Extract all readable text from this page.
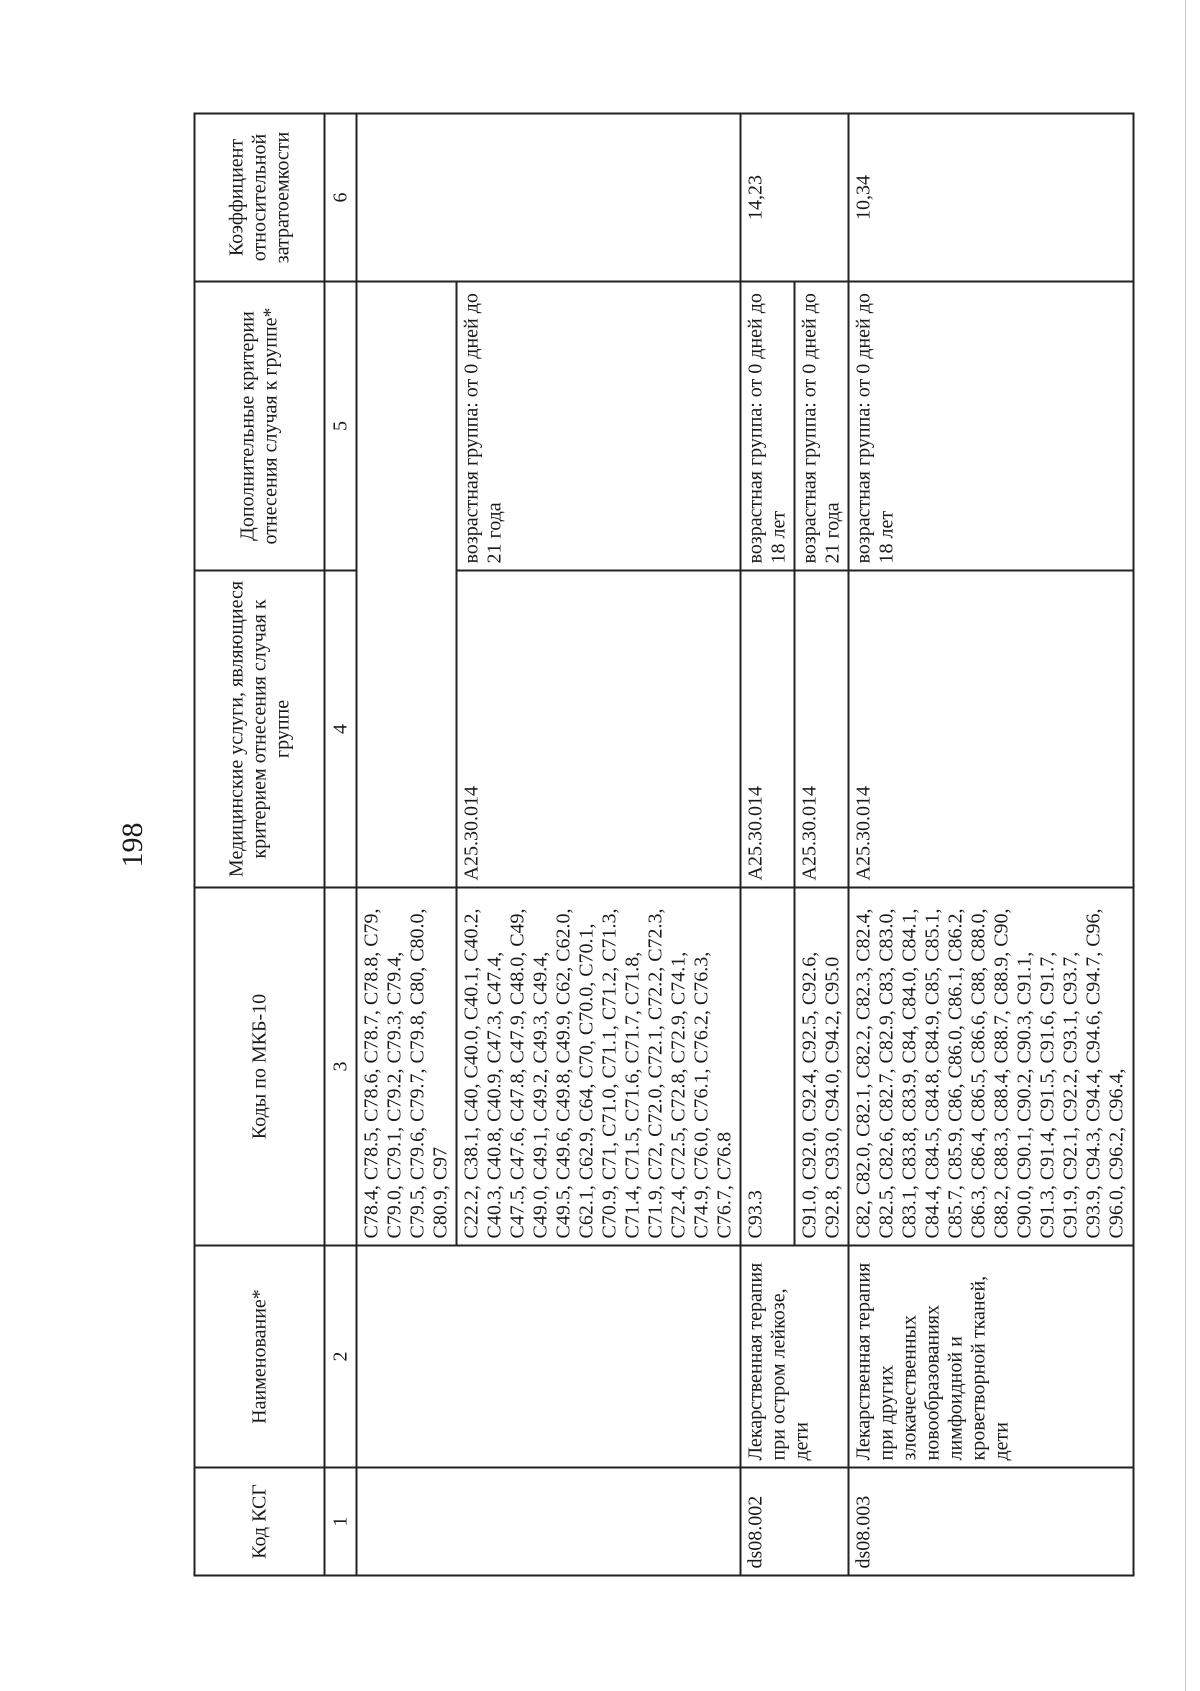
198
Код КСГ	Наименование*	Коды по МКБ-10	Медицинские услуги, являющиеся критерием отнесения случая к группе	Дополнительные критерии отнесения случая к группе*	Коэффициент относительной затратоемкости
1	2	3	4	5	6
		C78.4, C78.5, C78.6, C78.7, C78.8, C79, C79.0, C79.1, C79.2, C79.3, C79.4, C79.5, C79.6, C79.7, C79.8, C80, C80.0, C80.9, C97			
		C22.2, C38.1, C40, C40.0, C40.1, C40.2, C40.3, C40.8, C40.9, C47.3, C47.4, C47.5, C47.6, C47.8, C47.9, C48.0, C49, C49.0, C49.1, C49.2, C49.3, C49.4, C49.5, C49.6, C49.8, C49.9, C62, C62.0, C62.1, C62.9, C64, C70, C70.0, C70.1, C70.9, C71, C71.0, C71.1, C71.2, C71.3, C71.4, C71.5, C71.6, C71.7, C71.8, C71.9, C72, C72.0, C72.1, C72.2, C72.3, C72.4, C72.5, C72.8, C72.9, C74.1, C74.9, C76.0, C76.1, C76.2, C76.3, C76.7, C76.8	A25.30.014	возрастная группа: от 0 дней до 21 года	
ds08.002	Лекарственная терапия при остром лейкозе, дети	C93.3	A25.30.014	возрастная группа: от 0 дней до 18 лет	14,23
		C91.0, C92.0, C92.4, C92.5, C92.6, C92.8, C93.0, C94.0, C94.2, C95.0	A25.30.014	возрастная группа: от 0 дней до 21 года	
ds08.003	Лекарственная терапия при других злокачественных новообразованиях лимфоидной и кроветворной тканей, дети	C82, C82.0, C82.1, C82.2, C82.3, C82.4, C82.5, C82.6, C82.7, C82.9, C83, C83.0, C83.1, C83.8, C83.9, C84, C84.0, C84.1, C84.4, C84.5, C84.8, C84.9, C85, C85.1, C85.7, C85.9, C86, C86.0, C86.1, C86.2, C86.3, C86.4, C86.5, C86.6, C88, C88.0, C88.2, C88.3, C88.4, C88.7, C88.9, C90, C90.0, C90.1, C90.2, C90.3, C91.1, C91.3, C91.4, C91.5, C91.6, C91.7, C91.9, C92.1, C92.2, C93.1, C93.7, C93.9, C94.3, C94.4, C94.6, C94.7, C96, C96.0, C96.2, C96.4,	A25.30.014	возрастная группа: от 0 дней до 18 лет	10,34
